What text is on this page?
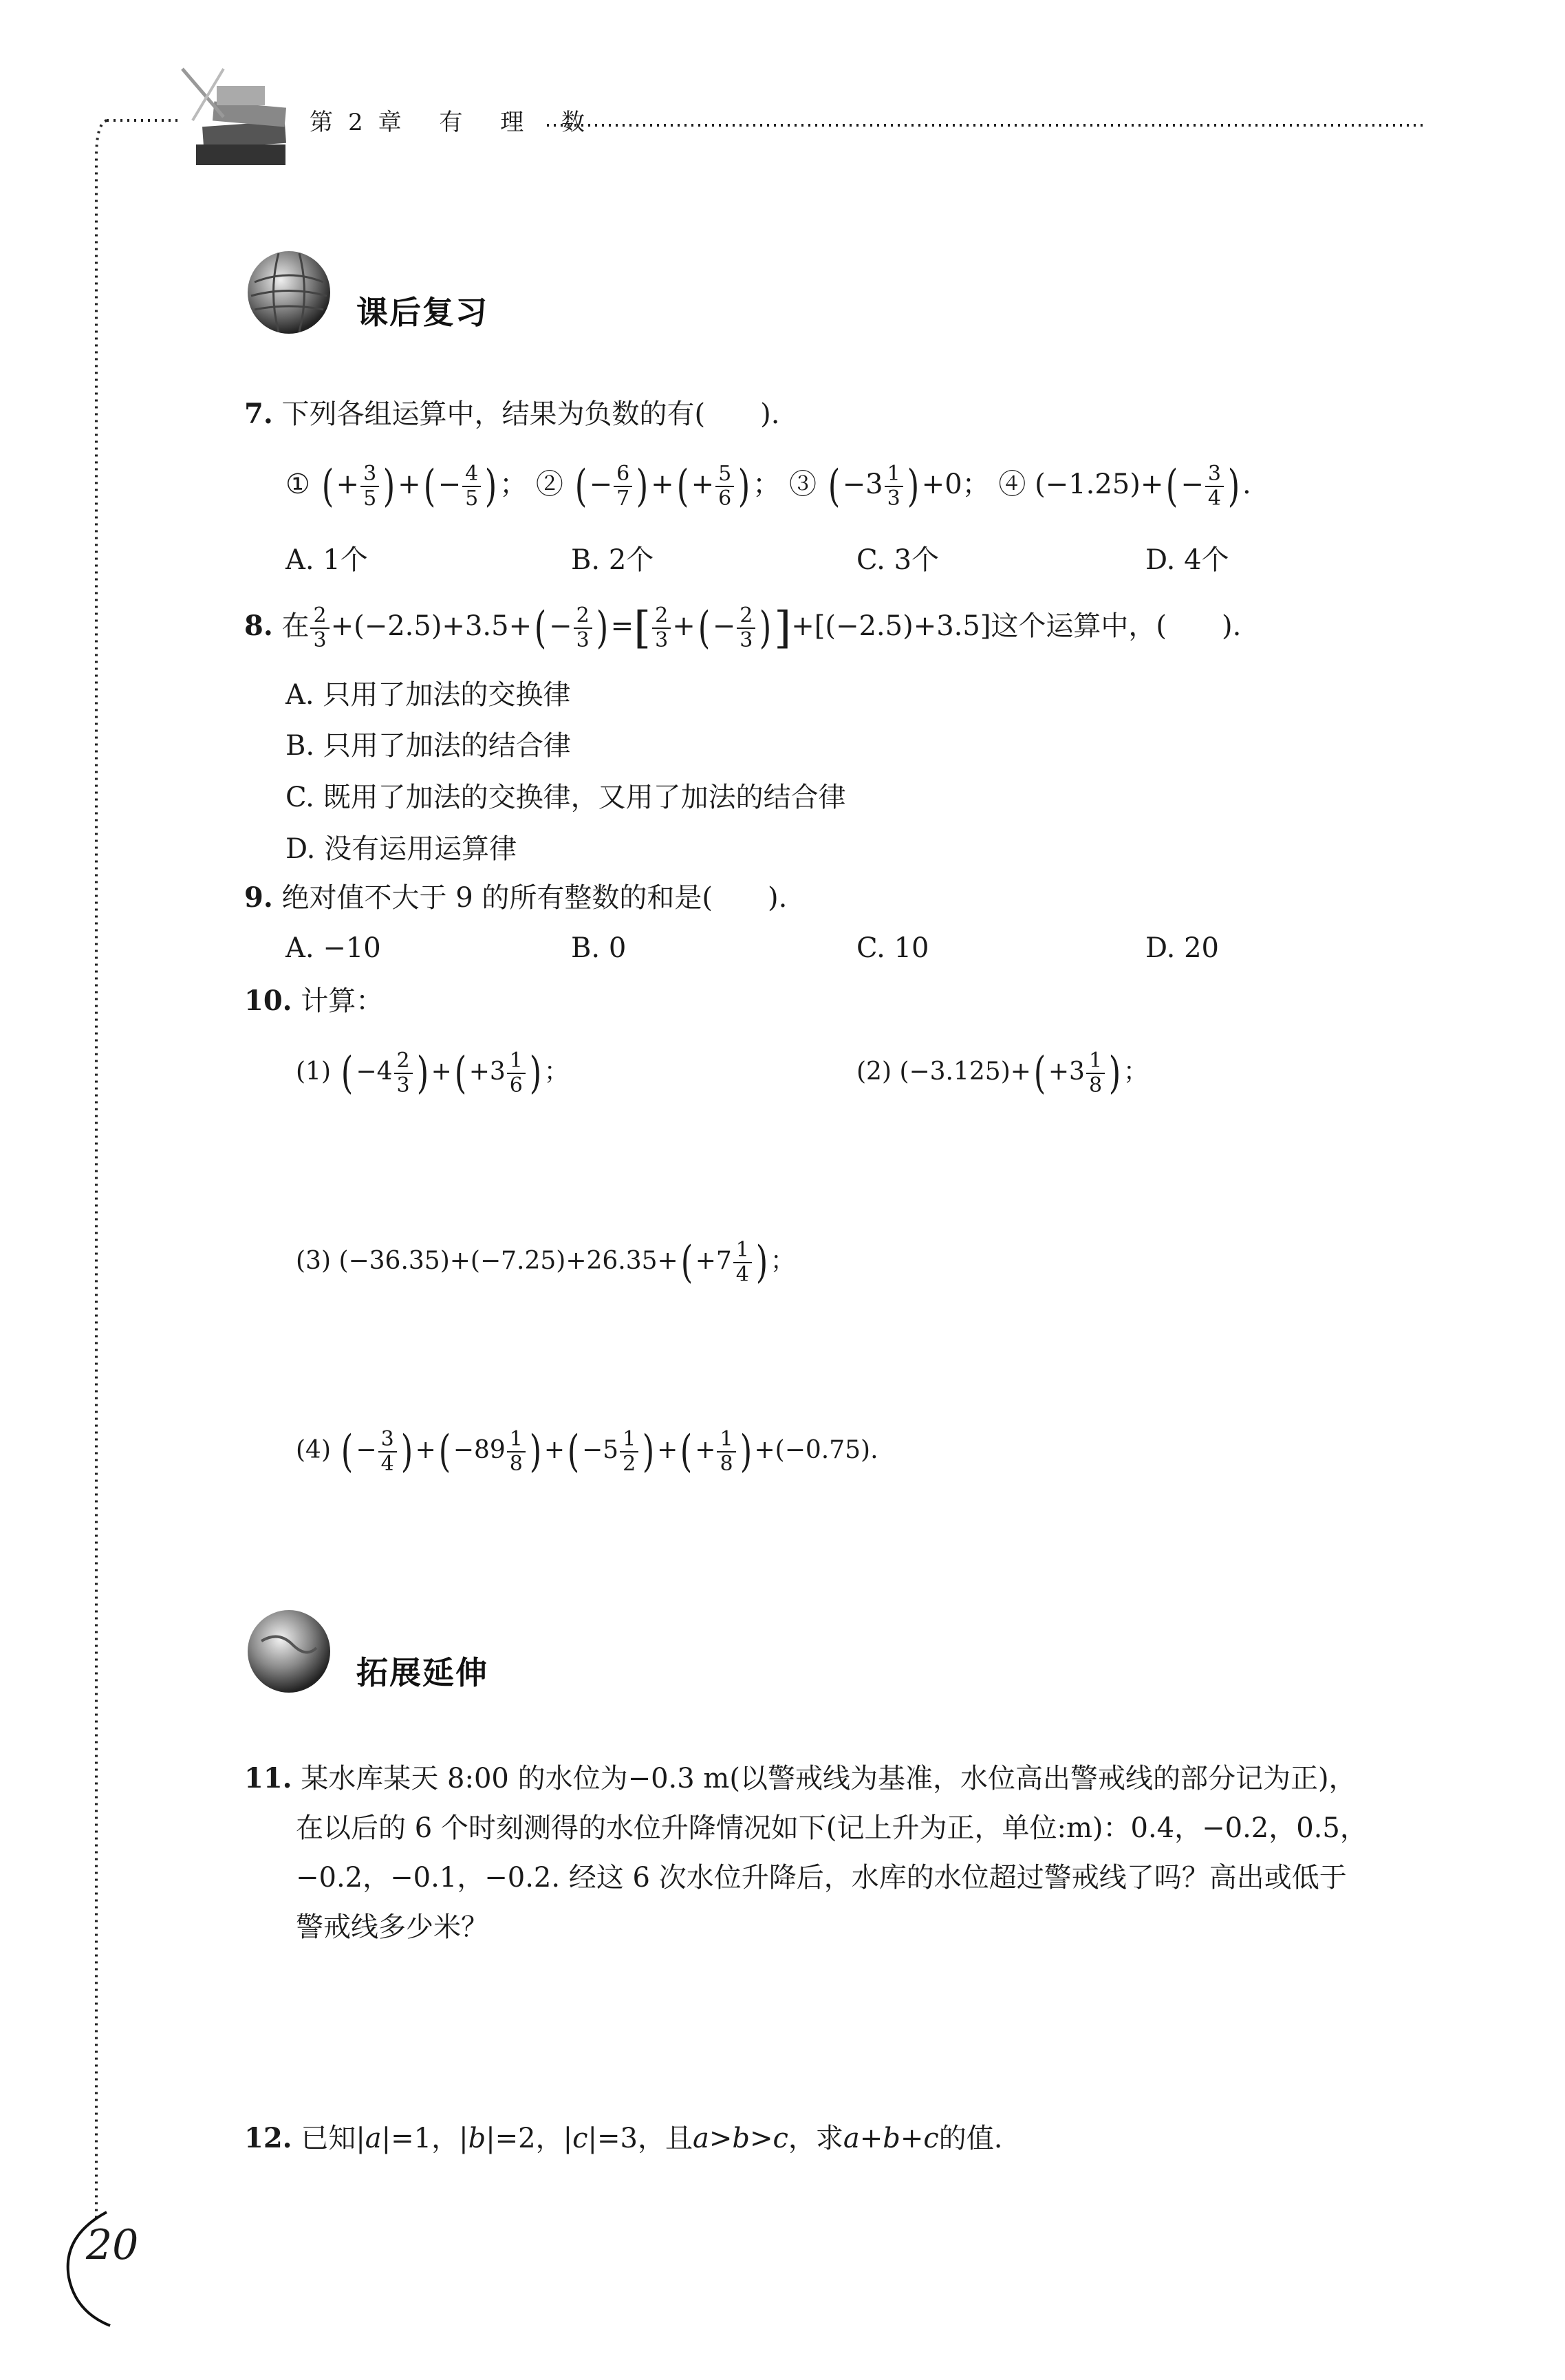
第2章 有 理 数
课后复习
7. 下列各组运算中，结果为负数的有(　　).
① (+ $\frac{3}{5}$ )+(− $\frac{4}{5}$ )； ② (− $\frac{6}{7}$ )+(+ $\frac{5}{6}$ )； ③ $(-3 \frac{1}{3} )+0$； ④ $(-1.25)+(- \frac{3}{4}$ ).
A. 1个	B. 2个	C. 3个	D. 4个
8. 在 $\frac{2}{3} +(-2.5)+3.5+(- \frac{2}{3}$ )=[ $\frac{2}{3}$ +(− $\frac{2}{3} )]+[(-2.5)+3.5]$这个运算中，(　　).
A. 只用了加法的交换律
B. 只用了加法的结合律
C. 既用了加法的交换律，又用了加法的结合律
D. 没有运用运算律
9. 绝对值不大于 9 的所有整数的和是(　　).
A. −10	B. 0	C. 10	D. 20
10. 计算：
(1) ( $-4 \frac{2}{3}$ ) +( $+3 \frac{1}{6}$ ) ；	(2) $(-3.125)+( +3 \frac{1}{8}$ ) ；
(3) $(-36.35)+(-7.25)+26.35+( +7 \frac{1}{4}$ ) ；
(4) ( − $\frac{3}{4}$ ) +( $-89 \frac{1}{8}$ ) +( $-5 \frac{1}{2}$ ) +( + $\frac{1}{8}$ ) +(−0.75).
拓展延伸
11. 某水库某天 8:00 的水位为−0.3 m(以警戒线为基准，水位高出警戒线的部分记为正)，
在以后的 6 个时刻测得的水位升降情况如下(记上升为正，单位:m)：0.4，−0.2，0.5，
−0.2，−0.1，−0.2. 经这 6 次水位升降后，水库的水位超过警戒线了吗？高出或低于
警戒线多少米？
12. 已知|a|=1，|b|=2，|c|=3，且a>b>c，求a+b+c的值.
20
